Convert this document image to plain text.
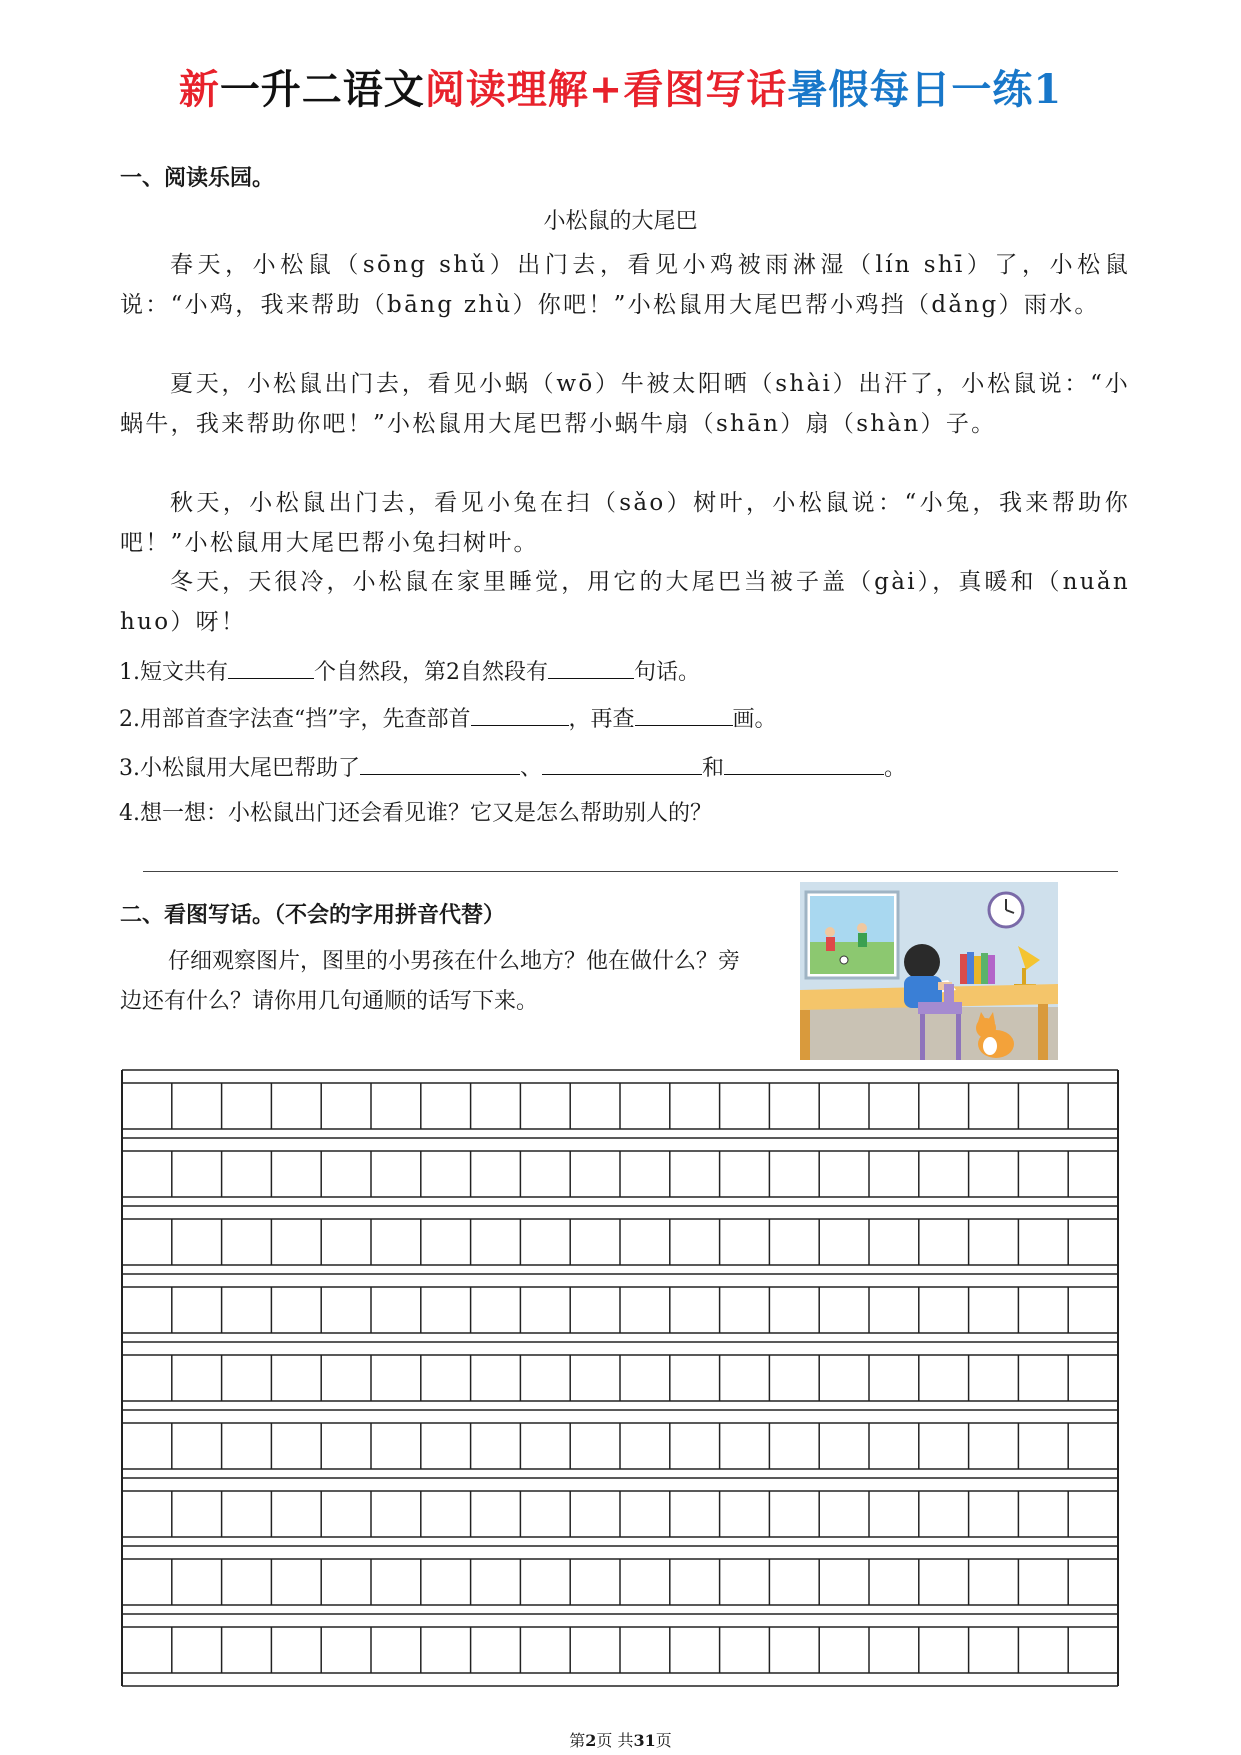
新一升二语文阅读理解+看图写话暑假每日一练1
一、阅读乐园。
小松鼠的大尾巴
春天，小松鼠（sōng shǔ）出门去，看见小鸡被雨淋湿（lín shī）了，小松鼠说：“小鸡，我来帮助（bāng zhù）你吧！”小松鼠用大尾巴帮小鸡挡（dǎng）雨水。
夏天，小松鼠出门去，看见小蜗（wō）牛被太阳晒（shài）出汗了，小松鼠说：“小蜗牛，我来帮助你吧！”小松鼠用大尾巴帮小蜗牛扇（shān）扇（shàn）子。
秋天，小松鼠出门去，看见小兔在扫（sǎo）树叶，小松鼠说：“小兔，我来帮助你吧！”小松鼠用大尾巴帮小兔扫树叶。
冬天，天很冷，小松鼠在家里睡觉，用它的大尾巴当被子盖（gài），真暖和（nuǎn huo）呀！
1.短文共有	个自然段，第2自然段有	句话。
2.用部首查字法查“挡”字，先查部首	，再查	画。
3.小松鼠用大尾巴帮助了	、	和	。
4.想一想：小松鼠出门还会看见谁？它又是怎么帮助别人的？
二、看图写话。（不会的字用拼音代替）
仔细观察图片，图里的小男孩在什么地方？他在做什么？旁边还有什么？请你用几句通顺的话写下来。
第2页 共31页
